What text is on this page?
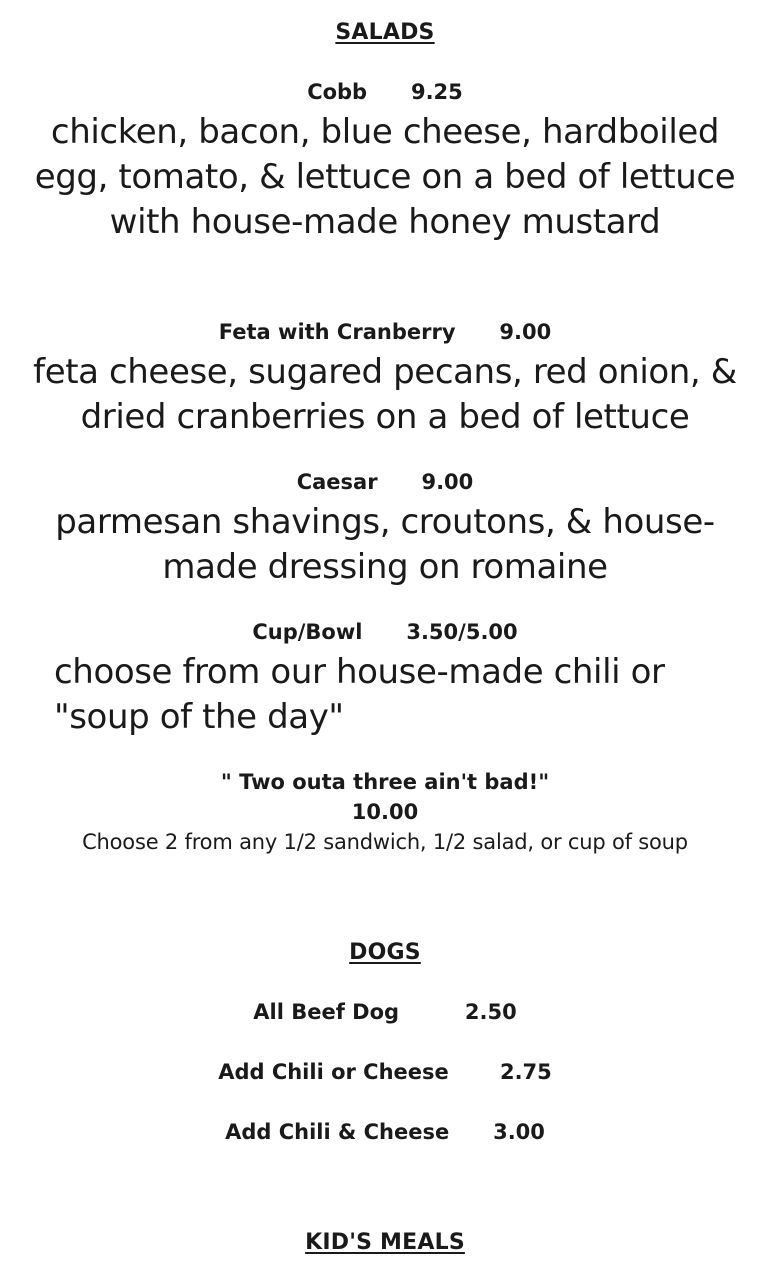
SALADS
Cobb 9.25
chicken, bacon, blue cheese, hardboiled egg, tomato, & lettuce on a bed of lettuce with house-made honey mustard
Feta with Cranberry 9.00
feta cheese, sugared pecans, red onion, & dried cranberries on a bed of lettuce
Caesar 9.00
parmesan shavings, croutons, & house-made dressing on romaine
Cup/Bowl 3.50/5.00
choose from our house-made chili or "soup of the day"
" Two outa three ain't bad!"
10.00
Choose 2 from any 1/2 sandwich, 1/2 salad, or cup of soup
DOGS
All Beef Dog	2.50
Add Chili or Cheese 2.75
Add Chili & Cheese 3.00
KID'S MEALS
